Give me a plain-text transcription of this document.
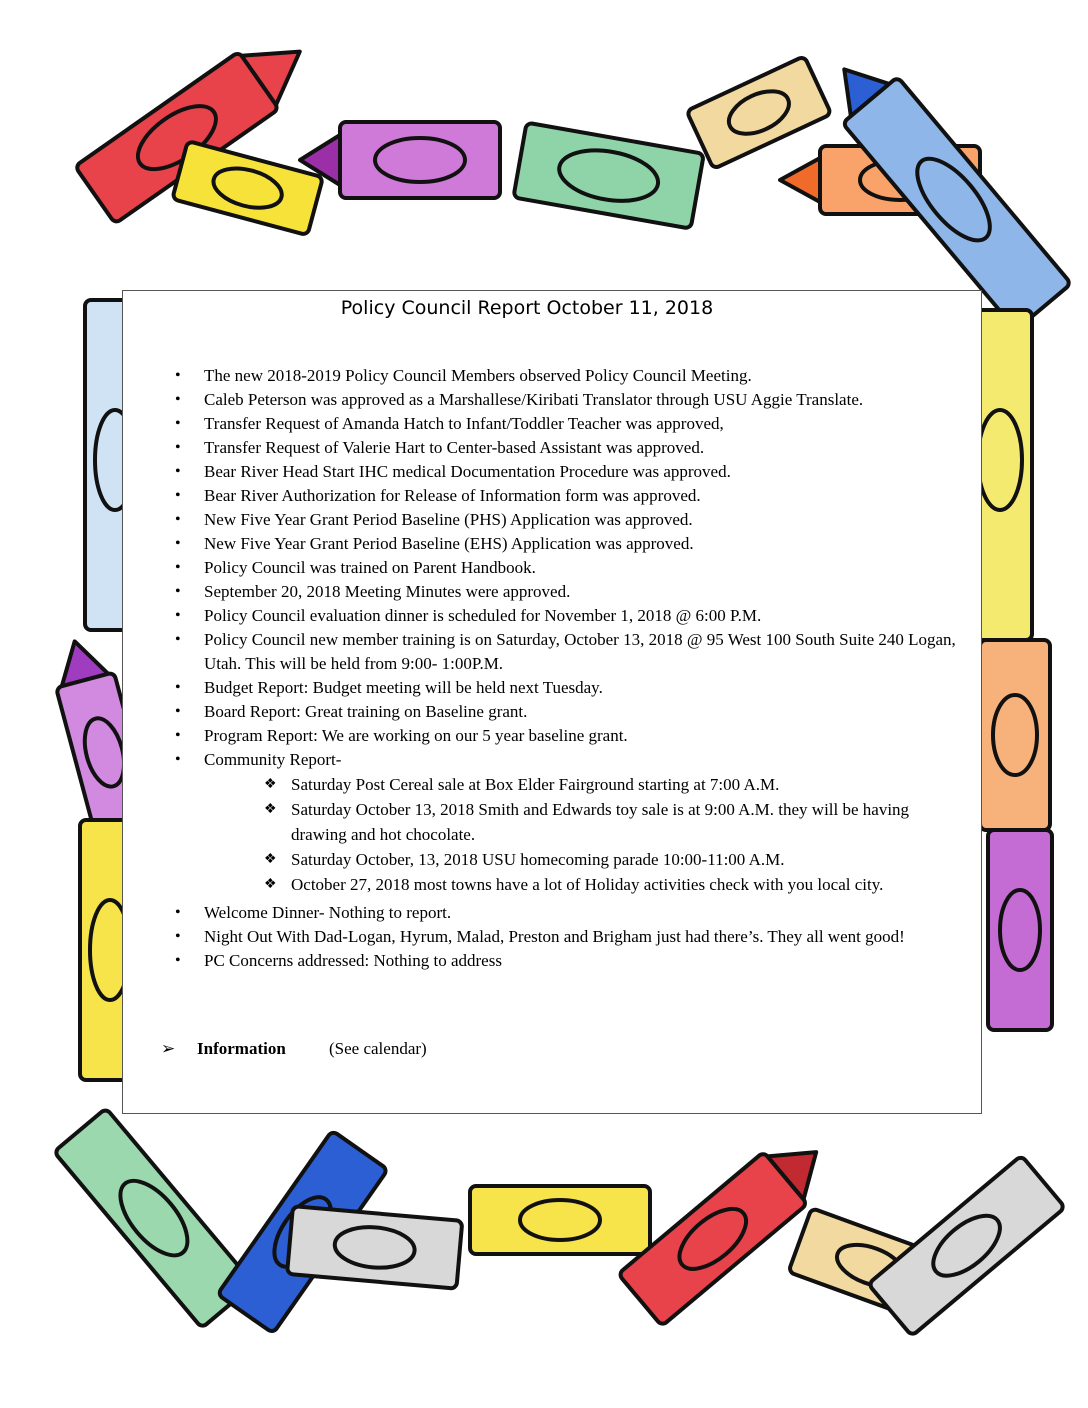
Policy Council Report October 11, 2018
• The new 2018-2019 Policy Council Members observed Policy Council Meeting.
• Caleb Peterson was approved as a Marshallese/Kiribati Translator through USU Aggie Translate.
• Transfer Request of Amanda Hatch to Infant/Toddler Teacher was approved,
• Transfer Request of Valerie Hart to Center-based Assistant was approved.
• Bear River Head Start IHC medical Documentation Procedure was approved.
• Bear River Authorization for Release of Information form was approved.
• New Five Year Grant Period Baseline (PHS) Application was approved.
• New Five Year Grant Period Baseline (EHS) Application was approved.
• Policy Council was trained on Parent Handbook.
• September 20, 2018 Meeting Minutes were approved.
• Policy Council evaluation dinner is scheduled for November 1, 2018 @ 6:00 P.M.
• Policy Council new member training is on Saturday, October 13, 2018 @ 95 West 100 South Suite 240 Logan, Utah. This will be held from 9:00- 1:00P.M.
• Budget Report: Budget meeting will be held next Tuesday.
• Board Report: Great training on Baseline grant.
• Program Report: We are working on our 5 year baseline grant.
• Community Report-
❖ Saturday Post Cereal sale at Box Elder Fairground starting at 7:00 A.M.
❖ Saturday October 13, 2018 Smith and Edwards toy sale is at 9:00 A.M. they will be having drawing and hot chocolate.
❖ Saturday October, 13, 2018 USU homecoming parade 10:00-11:00 A.M.
❖ October 27, 2018 most towns have a lot of Holiday activities check with you local city.
• Welcome Dinner- Nothing to report.
• Night Out With Dad-Logan, Hyrum, Malad, Preston and Brigham just had there’s. They all went good!
• PC Concerns addressed: Nothing to address
➢ Information	(See calendar)
